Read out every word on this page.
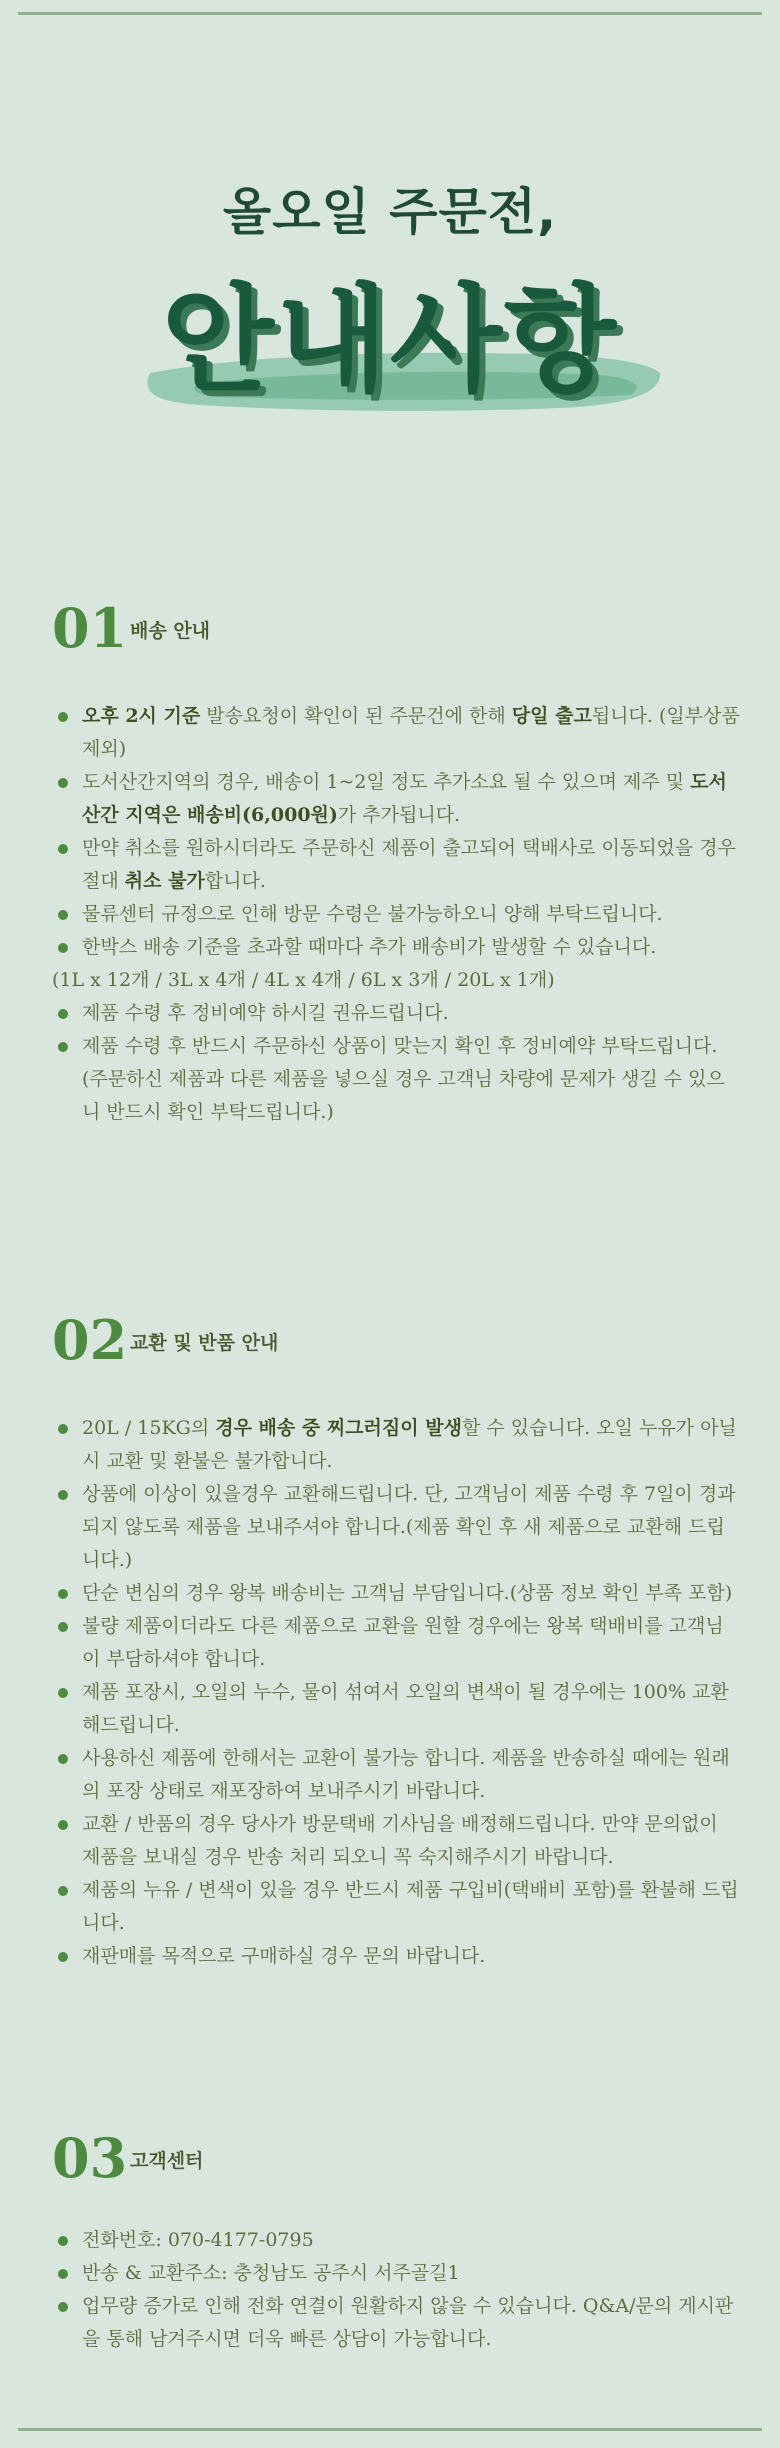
올오일 주문전,
안내사항
01 배송 안내
오후 2시 기준 발송요청이 확인이 된 주문건에 한해 당일 출고됩니다. (일부상품 제외)
도서산간지역의 경우, 배송이 1~2일 정도 추가소요 될 수 있으며 제주 및 도서산간 지역은 배송비(6,000원)가 추가됩니다.
만약 취소를 원하시더라도 주문하신 제품이 출고되어 택배사로 이동되었을 경우 절대 취소 불가합니다.
물류센터 규정으로 인해 방문 수령은 불가능하오니 양해 부탁드립니다.
한박스 배송 기준을 초과할 때마다 추가 배송비가 발생할 수 있습니다.
(1L x 12개 / 3L x 4개 / 4L x 4개 / 6L x 3개 / 20L x 1개)
제품 수령 후 정비예약 하시길 권유드립니다.
제품 수령 후 반드시 주문하신 상품이 맞는지 확인 후 정비예약 부탁드립니다. (주문하신 제품과 다른 제품을 넣으실 경우 고객님 차량에 문제가 생길 수 있으니 반드시 확인 부탁드립니다.)
02 교환 및 반품 안내
20L / 15KG의 경우 배송 중 찌그러짐이 발생할 수 있습니다. 오일 누유가 아닐 시 교환 및 환불은 불가합니다.
상품에 이상이 있을경우 교환해드립니다. 단, 고객님이 제품 수령 후 7일이 경과되지 않도록 제품을 보내주셔야 합니다.(제품 확인 후 새 제품으로 교환해 드립니다.)
단순 변심의 경우 왕복 배송비는 고객님 부담입니다.(상품 정보 확인 부족 포함)
불량 제품이더라도 다른 제품으로 교환을 원할 경우에는 왕복 택배비를 고객님이 부담하셔야 합니다.
제품 포장시, 오일의 누수, 물이 섞여서 오일의 변색이 될 경우에는 100% 교환해드립니다.
사용하신 제품에 한해서는 교환이 불가능 합니다. 제품을 반송하실 때에는 원래의 포장 상태로 재포장하여 보내주시기 바랍니다.
교환 / 반품의 경우 당사가 방문택배 기사님을 배정해드립니다. 만약 문의없이 제품을 보내실 경우 반송 처리 되오니 꼭 숙지해주시기 바랍니다.
제품의 누유 / 변색이 있을 경우 반드시 제품 구입비(택배비 포함)를 환불해 드립니다.
재판매를 목적으로 구매하실 경우 문의 바랍니다.
03 고객센터
전화번호: 070-4177-0795
반송 & 교환주소: 충청남도 공주시 서주골길1
업무량 증가로 인해 전화 연결이 원활하지 않을 수 있습니다. Q&A/문의 게시판을 통해 남겨주시면 더욱 빠른 상담이 가능합니다.
